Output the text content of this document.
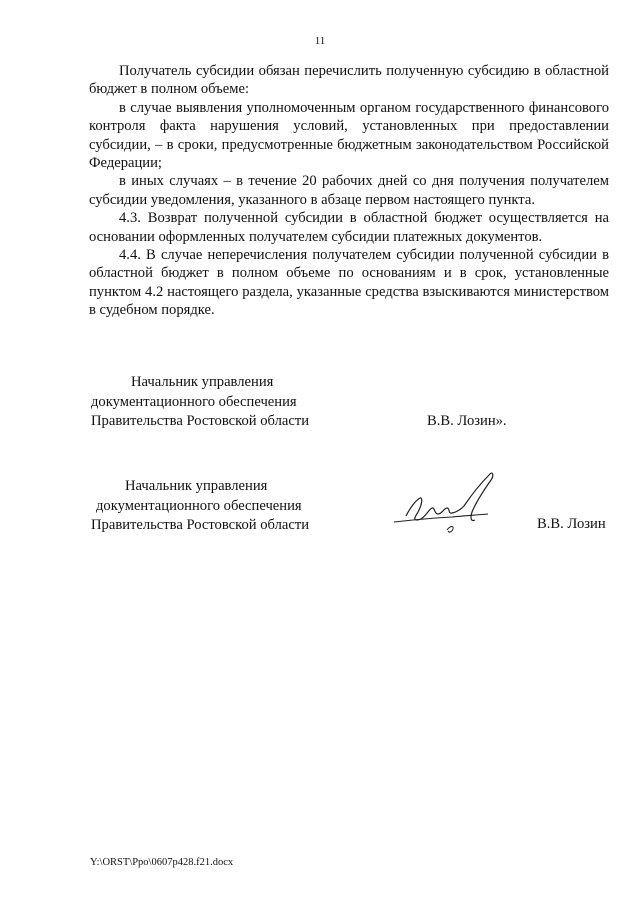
11

Получатель субсидии обязан перечислить полученную субсидию в областной бюджет в полном объеме:

в случае выявления уполномоченным органом государственного финансового контроля факта нарушения условий, установленных при предоставлении субсидии, – в сроки, предусмотренные бюджетным законодательством Российской Федерации;

в иных случаях – в течение 20 рабочих дней со дня получения получателем субсидии уведомления, указанного в абзаце первом настоящего пункта.

4.3. Возврат полученной субсидии в областной бюджет осуществляется на основании оформленных получателем субсидии платежных документов.

4.4. В случае неперечисления получателем субсидии полученной субсидии в областной бюджет в полном объеме по основаниям и в срок, установленные пунктом 4.2 настоящего раздела, указанные средства взыскиваются министерством в судебном порядке.

Начальник управления
документационного обеспечения
Правительства Ростовской области	В.В. Лозин».
Начальник управления
документационного обеспечения
Правительства Ростовской области	В.В. Лозин
Y:\ORST\Ppo\0607p428.f21.docx
